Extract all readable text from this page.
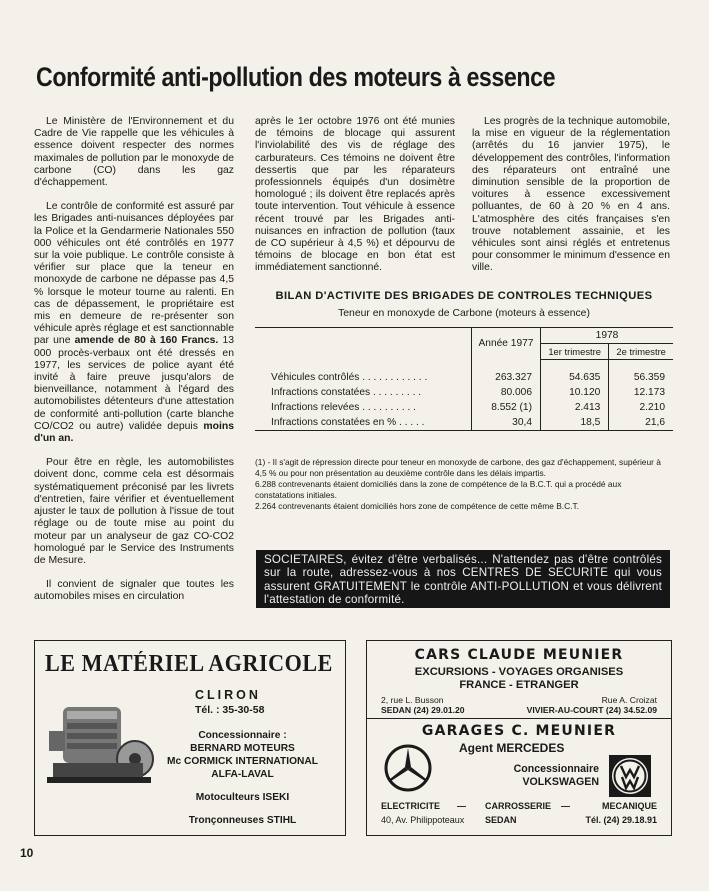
Conformité anti-pollution des moteurs à essence

Le Ministère de l'Environnement et du Cadre de Vie rappelle que les véhicules à essence doivent respecter des normes maximales de pollution par le monoxyde de carbone (CO) dans les gaz d'échappement.

Le contrôle de conformité est assuré par les Brigades anti-nuisances déployées par la Police et la Gendarmerie Nationales 550 000 véhicules ont été contrôlés en 1977 sur la voie publique. Le contrôle consiste à vérifier sur place que la teneur en monoxyde de carbone ne dépasse pas 4,5 % lorsque le moteur tourne au ralenti. En cas de dépassement, le propriétaire est mis en demeure de re-présenter son véhicule après réglage et est sanctionnable par une amende de 80 à 160 Francs. 13 000 procès-verbaux ont été dressés en 1977, les services de police ayant été invité à faire preuve jusqu'alors de bienveillance, notamment à l'égard des automobilistes détenteurs d'une attestation de conformité anti-pollution (carte blanche CO/CO2 ou autre) validée depuis moins d'un an.

Pour être en règle, les automobilistes doivent donc, comme cela est désormais systématiquement préconisé par les livrets d'entretien, faire vérifier et éventuellement ajuster le taux de pollution à l'issue de tout réglage ou de toute mise au point du moteur par un analyseur de gaz CO-CO2 homologué par le Service des Instruments de Mesure.

Il convient de signaler que toutes les automobiles mises en circulation

après le 1er octobre 1976 ont été munies de témoins de blocage qui assurent l'inviolabilité des vis de réglage des carburateurs. Ces témoins ne doivent être dessertis que par les réparateurs professionnels équipés d'un dosimètre homologué ; ils doivent être replacés après toute intervention. Tout véhicule à essence récent trouvé par les Brigades anti-nuisances en infraction de pollution (taux de CO supérieur à 4,5 %) et dépourvu de témoins de blocage en bon état est immédiatement sanctionné.

Les progrès de la technique automobile, la mise en vigueur de la réglementation (arrêtés du 16 janvier 1975), le développement des contrôles, l'information des réparateurs ont entraîné une diminution sensible de la proportion de voitures à essence excessivement polluantes, de 60 à 20 % en 4 ans. L'atmosphère des cités françaises s'en trouve notablement assainie, et les véhicules sont ainsi réglés et entretenus pour consommer le minimum d'essence en ville.

BILAN D'ACTIVITE DES BRIGADES DE CONTROLES TECHNIQUES
Teneur en monoxyde de Carbone (moteurs à essence)
	Année 1977	1978	
		1er trimestre	2e trimestre

Véhicules contrôlés . . . . . . . . . . . .	263.327	54.635	56.359
Infractions constatées . . . . . . . . .	80.006	10.120	12.173
Infractions relevées . . . . . . . . . .	8.552 (1)	2.413	2.210
Infractions constatées en % . . . . .	30,4	18,5	21,6
(1) - Il s'agit de répression directe pour teneur en monoxyde de carbone, des gaz d'échappement, supérieur à 4,5 % ou pour non présentation au deuxième contrôle dans les délais impartis.
6.288 contrevenants étaient domiciliés dans la zone de compétence de la B.C.T. qui a procédé aux constatations initiales.
2.264 contrevenants étaient domiciliés hors zone de compétence de cette même B.C.T.
SOCIETAIRES, évitez d'être verbalisés... N'attendez pas d'être contrôlés sur la route, adressez-vous à nos CENTRES DE SECURITE qui vous assurent GRATUITEMENT le contrôle ANTI-POLLUTION et vous délivrent l'attestation de conformité.
LE MATÉRIEL AGRICOLE
CLIRON
Tél. : 35-30-58
Concessionnaire :
BERNARD MOTEURS
Mc CORMICK INTERNATIONAL
ALFA-LAVAL
Motoculteurs ISEKI
Tronçonneuses STIHL
CARS CLAUDE MEUNIER
EXCURSIONS - VOYAGES ORGANISES
FRANCE - ETRANGER
2, rue L. Busson	Rue A. Croizat
SEDAN (24) 29.01.20	VIVIER-AU-COURT (24) 34.52.09
GARAGES C. MEUNIER
Agent MERCEDES
Concessionnaire
VOLKSWAGEN
ELECTRICITE — CARROSSERIE —	MECANIQUE
40, Av. Philippoteaux SEDAN	Tél. (24) 29.18.91
10
